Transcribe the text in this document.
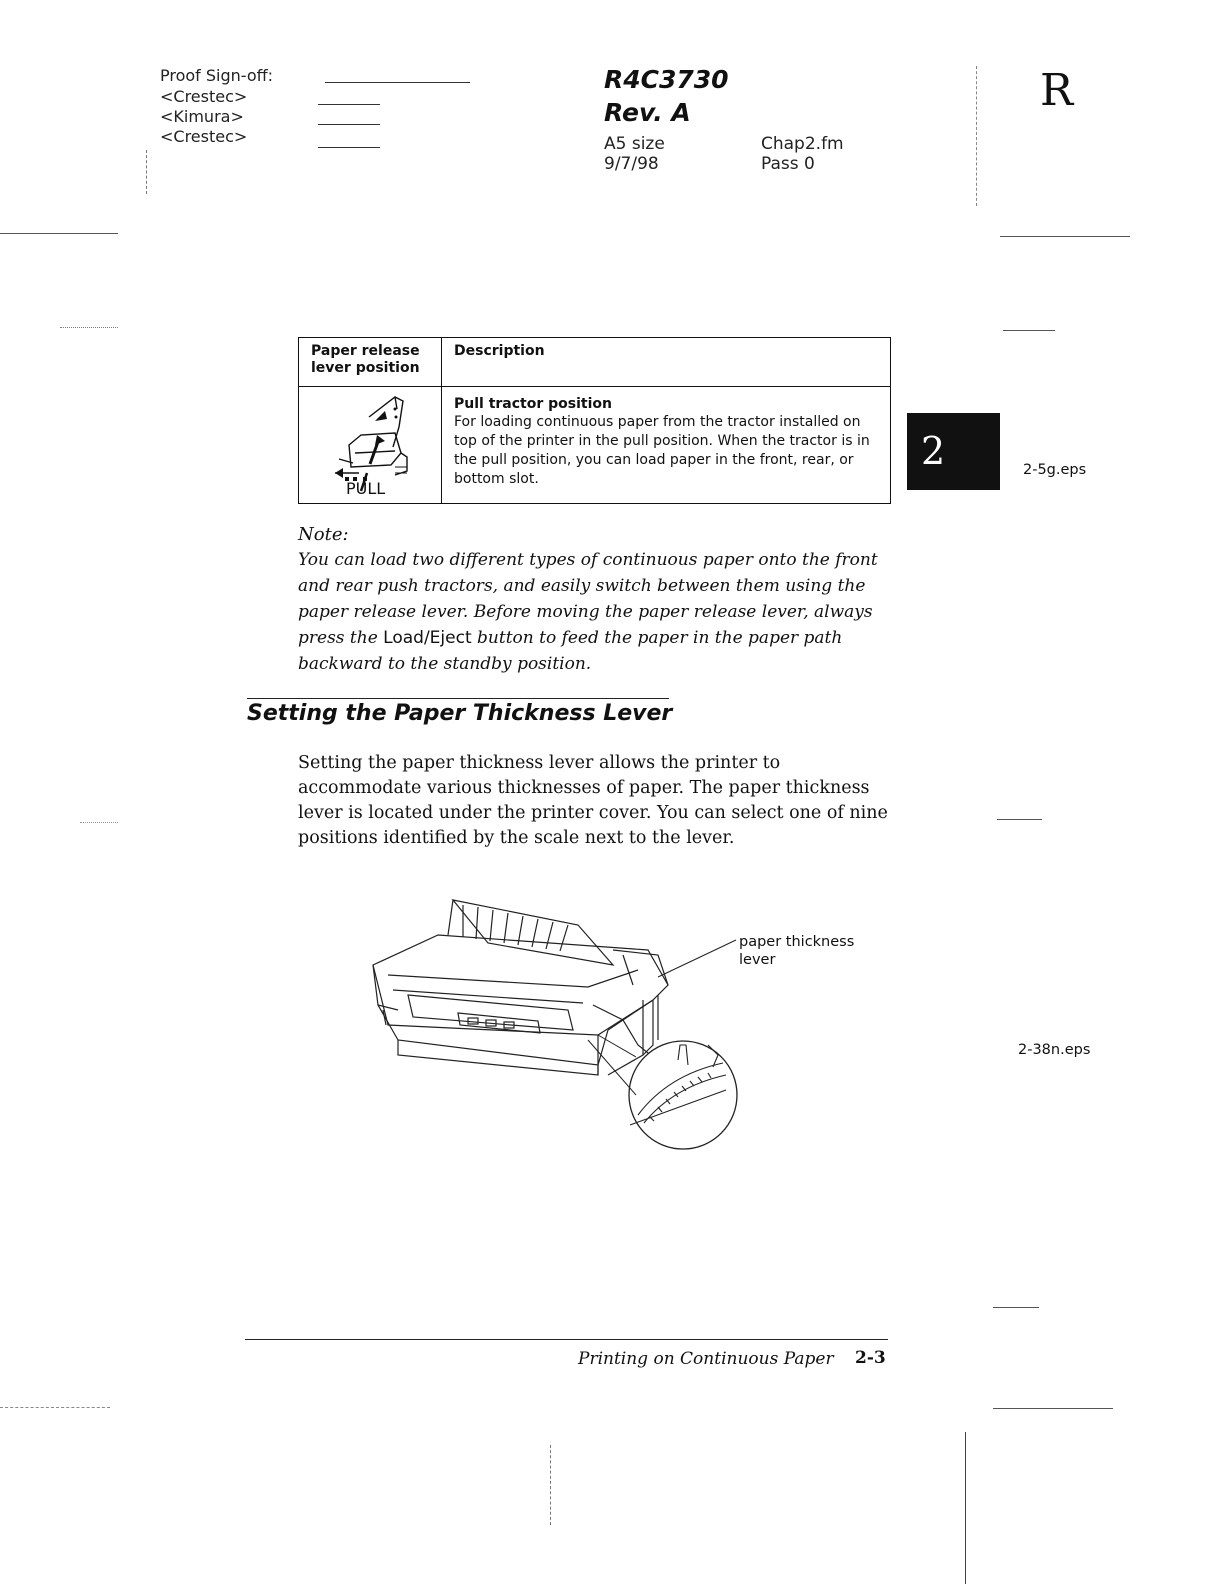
Proof Sign-off:
<Crestec>
<Kimura>
<Crestec>
R4C3730
Rev. A
A5 size
9/7/98
Chap2.fm
Pass 0
R
2	2-5g.eps
Paper release lever position	Description

PULL	Pull tractor position
For loading continuous paper from the tractor installed on top of the printer in the pull position. When the tractor is in the pull position, you can load paper in the front, rear, or bottom slot.
Note:
You can load two different types of continuous paper onto the front and rear push tractors, and easily switch between them using the paper release lever. Before moving the paper release lever, always press the Load/Eject button to feed the paper in the paper path backward to the standby position.
Setting the Paper Thickness Lever
Setting the paper thickness lever allows the printer to accommodate various thicknesses of paper. The paper thickness lever is located under the printer cover. You can select one of nine positions identified by the scale next to the lever.
paper thickness lever
2-38n.eps
Printing on Continuous Paper 2-3
